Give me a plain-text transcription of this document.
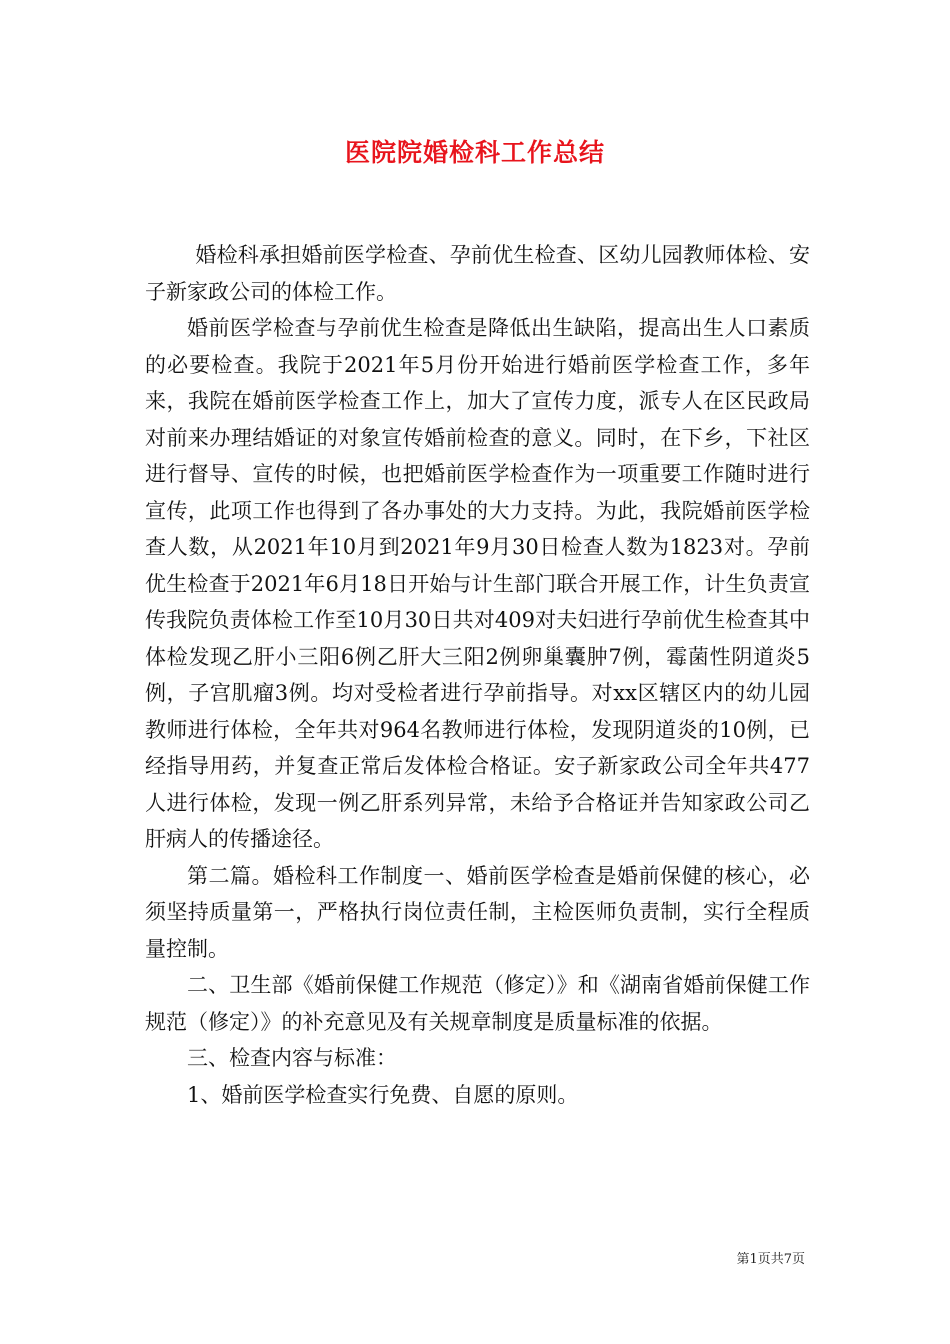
医院院婚检科工作总结

婚检科承担婚前医学检查、孕前优生检查、区幼儿园教师体检、安子新家政公司的体检工作。

婚前医学检查与孕前优生检查是降低出生缺陷，提高出生人口素质的必要检查。我院于2021年5月份开始进行婚前医学检查工作，多年来，我院在婚前医学检查工作上，加大了宣传力度，派专人在区民政局对前来办理结婚证的对象宣传婚前检查的意义。同时，在下乡，下社区进行督导、宣传的时候，也把婚前医学检查作为一项重要工作随时进行宣传，此项工作也得到了各办事处的大力支持。为此，我院婚前医学检查人数，从2021年10月到2021年9月30日检查人数为1823对。孕前优生检查于2021年6月18日开始与计生部门联合开展工作，计生负责宣传我院负责体检工作至10月30日共对409对夫妇进行孕前优生检查其中体检发现乙肝小三阳6例乙肝大三阳2例卵巢囊肿7例，霉菌性阴道炎5例，子宫肌瘤3例。均对受检者进行孕前指导。对xx区辖区内的幼儿园教师进行体检，全年共对964名教师进行体检，发现阴道炎的10例，已经指导用药，并复查正常后发体检合格证。安子新家政公司全年共477人进行体检，发现一例乙肝系列异常，未给予合格证并告知家政公司乙肝病人的传播途径。

第二篇。婚检科工作制度一、婚前医学检查是婚前保健的核心，必须坚持质量第一，严格执行岗位责任制，主检医师负责制，实行全程质量控制。

二、卫生部《婚前保健工作规范（修定）》和《湖南省婚前保健工作规范（修定）》的补充意见及有关规章制度是质量标准的依据。

三、检查内容与标准：

1、婚前医学检查实行免费、自愿的原则。

第1页共7页
